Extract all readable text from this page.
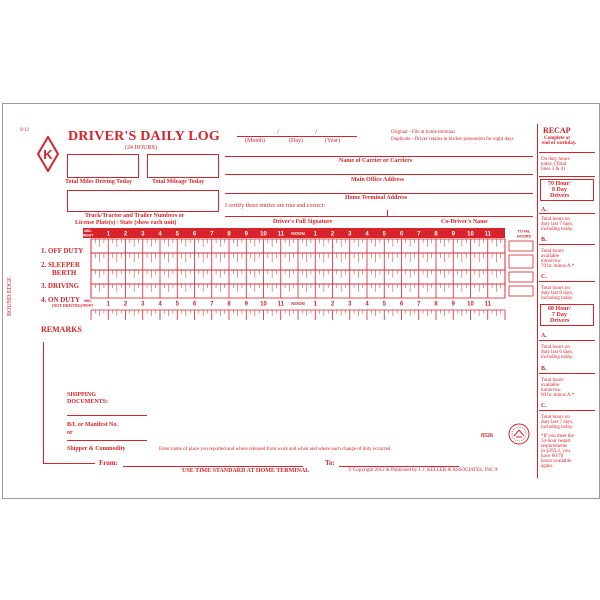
9/12
K
DRIVER'S DAILY LOG
(24 HOURS)
/	/
(Month)	(Day)	(Year)
Original - File at home terminal
Duplicate - Driver retains in his/her possession for eight days
Total Miles Driving Today	Total Mileage Today
Name of Carrier or Carriers
Main Office Address
Home Terminal Address
Truck/Tractor and Trailer Numbers or
License Plate(s) / State (show each unit)
I certify these entries are true and correct:
Driver's Full Signature	Co-Driver's Name
MID-
NIGHT 1 2 3 4 5 6 7 8 9 10 11	1 2 3 4 5 6 7 8 9 10 11
NOON
MID-
NIGHT 1 2 3 4 5 6 7 8 9 10 11	1 2 3 4 5 6 7 8 9 10 11
NOON
TOTAL
HOURS
1. OFF DUTY
2. SLEEPER
BERTH
3. DRIVING
4. ON DUTY
(NOT DRIVING)
REMARKS
BOUND EDGE
SHIPPING
DOCUMENTS:
B/L or Manifest No.
or
Shipper & Commodity	Enter name of place you reported and where released from work and when and where each change of duty occurred.
From:	To:
USE TIME STANDARD AT HOME TERMINAL	© Copyright 2012 & Published by J. J. KELLER & ASSOCIATES, INC.®
8526
RECAP
Complete at
end of workday.
On duty hours
today. (Total
lines 3 & 4)
70 Hour/
8 Day
Drivers
A.
Total hours on
duty last 7 days,
including today.
B.
Total hours
available
tomorrow.
70 hr. minus A.*
C.
Total hours on
duty last 8 days,
including today.
60 Hour/
7 Day
Drivers
A.
Total hours on
duty last 6 days,
including today.
B.
Total hours
available
tomorrow.
60 hr. minus A.*
C.
Total hours on
duty last 7 days,
including today.
*If you meet the
34-hour restart
requirements
in §395.3, you
have 60/70
hours available
again.
